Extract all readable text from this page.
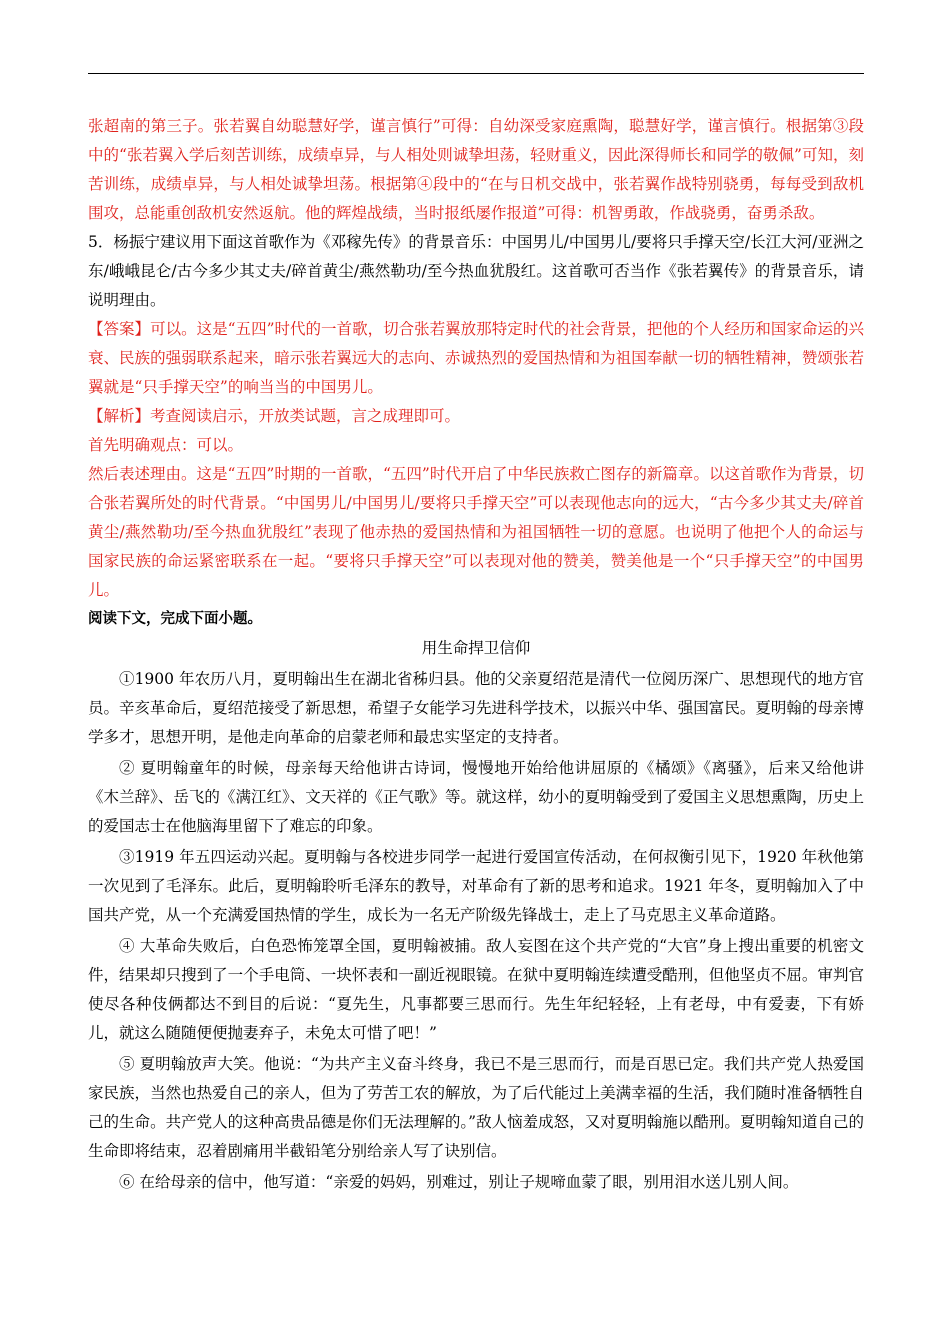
张超南的第三子。张若翼自幼聪慧好学，谨言慎行”可得：自幼深受家庭熏陶，聪慧好学，谨言慎行。根据第③段中的“张若翼入学后刻苦训练，成绩卓异，与人相处则诚挚坦荡，轻财重义，因此深得师长和同学的敬佩”可知，刻苦训练，成绩卓异，与人相处诚挚坦荡。根据第④段中的“在与日机交战中，张若翼作战特别骁勇，每每受到敌机围攻，总能重创敌机安然返航。他的辉煌战绩，当时报纸屡作报道”可得：机智勇敢，作战骁勇，奋勇杀敌。

5．杨振宁建议用下面这首歌作为《邓稼先传》的背景音乐：中国男儿/中国男儿/要将只手撑天空/长江大河/亚洲之东/峨峨昆仑/古今多少其丈夫/碎首黄尘/燕然勒功/至今热血犹殷红。这首歌可否当作《张若翼传》的背景音乐，请说明理由。

【答案】可以。这是“五四”时代的一首歌，切合张若翼放那特定时代的社会背景，把他的个人经历和国家命运的兴衰、民族的强弱联系起来，暗示张若翼远大的志向、赤诚热烈的爱国热情和为祖国奉献一切的牺牲精神，赞颂张若翼就是“只手撑天空”的响当当的中国男儿。

【解析】考查阅读启示，开放类试题，言之成理即可。

首先明确观点：可以。

然后表述理由。这是“五四”时期的一首歌，“五四”时代开启了中华民族救亡图存的新篇章。以这首歌作为背景，切合张若翼所处的时代背景。“中国男儿/中国男儿/要将只手撑天空”可以表现他志向的远大，“古今多少其丈夫/碎首黄尘/燕然勒功/至今热血犹殷红”表现了他赤热的爱国热情和为祖国牺牲一切的意愿。也说明了他把个人的命运与国家民族的命运紧密联系在一起。“要将只手撑天空”可以表现对他的赞美，赞美他是一个“只手撑天空”的中国男儿。

阅读下文，完成下面小题。

用生命捍卫信仰

①1900 年农历八月，夏明翰出生在湖北省秭归县。他的父亲夏绍范是清代一位阅历深广、思想现代的地方官员。辛亥革命后，夏绍范接受了新思想，希望子女能学习先进科学技术，以振兴中华、强国富民。夏明翰的母亲博学多才，思想开明，是他走向革命的启蒙老师和最忠实坚定的支持者。

② 夏明翰童年的时候，母亲每天给他讲古诗词，慢慢地开始给他讲屈原的《橘颂》《离骚》，后来又给他讲《木兰辞》、岳飞的《满江红》、文天祥的《正气歌》等。就这样，幼小的夏明翰受到了爱国主义思想熏陶，历史上的爱国志士在他脑海里留下了难忘的印象。

③1919 年五四运动兴起。夏明翰与各校进步同学一起进行爱国宣传活动，在何叔衡引见下，1920 年秋他第一次见到了毛泽东。此后，夏明翰聆听毛泽东的教导，对革命有了新的思考和追求。1921 年冬，夏明翰加入了中国共产党，从一个充满爱国热情的学生，成长为一名无产阶级先锋战士，走上了马克思主义革命道路。

④ 大革命失败后，白色恐怖笼罩全国，夏明翰被捕。敌人妄图在这个共产党的“大官”身上搜出重要的机密文件，结果却只搜到了一个手电筒、一块怀表和一副近视眼镜。在狱中夏明翰连续遭受酷刑，但他坚贞不屈。审判官使尽各种伎俩都达不到目的后说：“夏先生，凡事都要三思而行。先生年纪轻轻，上有老母，中有爱妻，下有娇儿，就这么随随便便抛妻弃子，未免太可惜了吧！”

⑤ 夏明翰放声大笑。他说：“为共产主义奋斗终身，我已不是三思而行，而是百思已定。我们共产党人热爱国家民族，当然也热爱自己的亲人，但为了劳苦工农的解放，为了后代能过上美满幸福的生活，我们随时准备牺牲自己的生命。共产党人的这种高贵品德是你们无法理解的。”敌人恼羞成怒，又对夏明翰施以酷刑。夏明翰知道自己的生命即将结束，忍着剧痛用半截铅笔分别给亲人写了诀别信。

⑥ 在给母亲的信中，他写道：“亲爱的妈妈，别难过，别让子规啼血蒙了眼，别用泪水送儿别人间。
